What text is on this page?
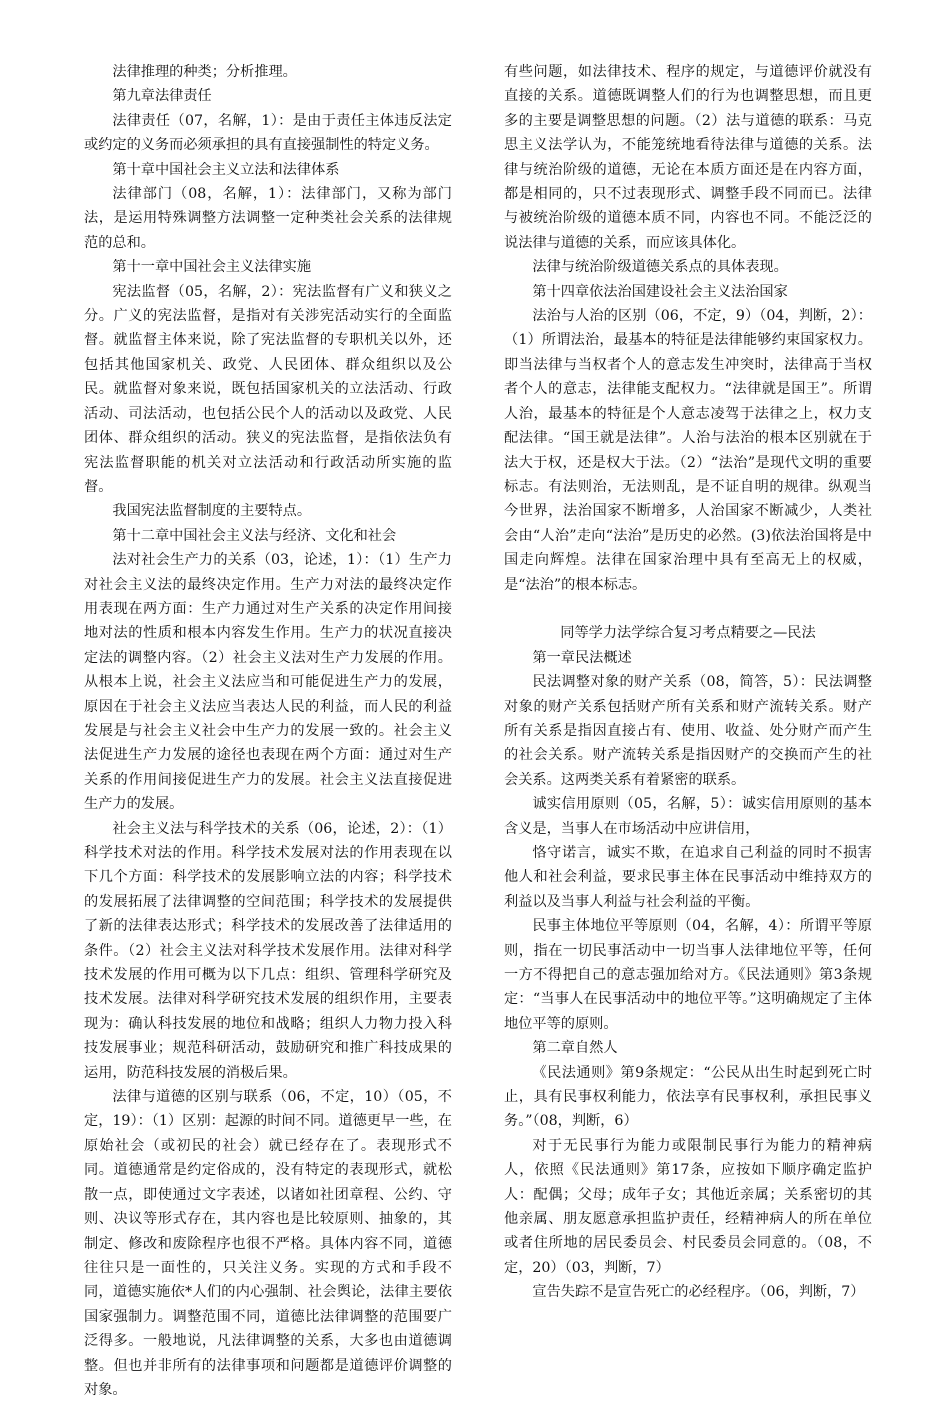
法律推理的种类；分析推理。

第九章法律责任

法律责任（07，名解，1）：是由于责任主体违反法定或约定的义务而必须承担的具有直接强制性的特定义务。

第十章中国社会主义立法和法律体系

法律部门（08，名解，1）：法律部门，又称为部门法，是运用特殊调整方法调整一定种类社会关系的法律规范的总和。

第十一章中国社会主义法律实施

宪法监督（05，名解，2）：宪法监督有广义和狭义之分。广义的宪法监督，是指对有关涉宪活动实行的全面监督。就监督主体来说，除了宪法监督的专职机关以外，还包括其他国家机关、政党、人民团体、群众组织以及公民。就监督对象来说，既包括国家机关的立法活动、行政活动、司法活动，也包括公民个人的活动以及政党、人民团体、群众组织的活动。狭义的宪法监督，是指依法负有宪法监督职能的机关对立法活动和行政活动所实施的监督。

我国宪法监督制度的主要特点。

第十二章中国社会主义法与经济、文化和社会

法对社会生产力的关系（03，论述，1）：（1）生产力对社会主义法的最终决定作用。生产力对法的最终决定作用表现在两方面：生产力通过对生产关系的决定作用间接地对法的性质和根本内容发生作用。生产力的状况直接决定法的调整内容。（2）社会主义法对生产力发展的作用。从根本上说，社会主义法应当和可能促进生产力的发展，原因在于社会主义法应当表达人民的利益，而人民的利益发展是与社会主义社会中生产力的发展一致的。社会主义法促进生产力发展的途径也表现在两个方面：通过对生产关系的作用间接促进生产力的发展。社会主义法直接促进生产力的发展。

社会主义法与科学技术的关系（06，论述，2）：（1）科学技术对法的作用。科学技术发展对法的作用表现在以下几个方面：科学技术的发展影响立法的内容；科学技术的发展拓展了法律调整的空间范围；科学技术的发展提供了新的法律表达形式；科学技术的发展改善了法律适用的条件。（2）社会主义法对科学技术发展作用。法律对科学技术发展的作用可概为以下几点：组织、管理科学研究及技术发展。法律对科学研究技术发展的组织作用，主要表现为：确认科技发展的地位和战略；组织人力物力投入科技发展事业；规范科研活动，鼓励研究和推广科技成果的运用，防范科技发展的消极后果。

法律与道德的区别与联系（06，不定，10）（05，不定，19）：（1）区别：起源的时间不同。道德更早一些，在原始社会（或初民的社会）就已经存在了。表现形式不同。道德通常是约定俗成的，没有特定的表现形式，就松散一点，即使通过文字表述，以诸如社团章程、公约、守则、决议等形式存在，其内容也是比较原则、抽象的，其制定、修改和废除程序也很不严格。具体内容不同，道德往往只是一面性的，只关注义务。实现的方式和手段不同，道德实施依*人们的内心强制、社会舆论，法律主要依国家强制力。调整范围不同，道德比法律调整的范围要广泛得多。一般地说，凡法律调整的关系，大多也由道德调整。但也并非所有的法律事项和问题都是道德评价调整的对象。

有些问题，如法律技术、程序的规定，与道德评价就没有直接的关系。道德既调整人们的行为也调整思想，而且更多的主要是调整思想的问题。（2）法与道德的联系：马克思主义法学认为，不能笼统地看待法律与道德的关系。法律与统治阶级的道德，无论在本质方面还是在内容方面，都是相同的，只不过表现形式、调整手段不同而已。法律与被统治阶级的道德本质不同，内容也不同。不能泛泛的说法律与道德的关系，而应该具体化。

法律与统治阶级道德关系点的具体表现。

第十四章依法治国建设社会主义法治国家

法治与人治的区别（06，不定，9）（04，判断，2）：（1）所谓法治，最基本的特征是法律能够约束国家权力。即当法律与当权者个人的意志发生冲突时，法律高于当权者个人的意志，法律能支配权力。“法律就是国王”。所谓人治，最基本的特征是个人意志凌驾于法律之上，权力支配法律。“国王就是法律”。人治与法治的根本区别就在于法大于权，还是权大于法。（2）“法治”是现代文明的重要标志。有法则治，无法则乱，是不证自明的规律。纵观当今世界，法治国家不断增多，人治国家不断减少，人类社会由“人治”走向“法治”是历史的必然。(3)依法治国将是中国走向辉煌。法律在国家治理中具有至高无上的权威，是“法治”的根本标志。

同等学力法学综合复习考点精要之—民法

第一章民法概述

民法调整对象的财产关系（08，简答，5）：民法调整对象的财产关系包括财产所有关系和财产流转关系。财产所有关系是指因直接占有、使用、收益、处分财产而产生的社会关系。财产流转关系是指因财产的交换而产生的社会关系。这两类关系有着紧密的联系。

诚实信用原则（05，名解，5）：诚实信用原则的基本含义是，当事人在市场活动中应讲信用，

恪守诺言，诚实不欺，在追求自己利益的同时不损害他人和社会利益，要求民事主体在民事活动中维持双方的利益以及当事人利益与社会利益的平衡。

民事主体地位平等原则（04，名解，4）：所谓平等原则，指在一切民事活动中一切当事人法律地位平等，任何一方不得把自己的意志强加给对方。《民法通则》第3条规定：“当事人在民事活动中的地位平等。”这明确规定了主体地位平等的原则。

第二章自然人

《民法通则》第9条规定：“公民从出生时起到死亡时止，具有民事权利能力，依法享有民事权利，承担民事义务。”（08，判断，6）

对于无民事行为能力或限制民事行为能力的精神病人，依照《民法通则》第17条，应按如下顺序确定监护人：配偶；父母；成年子女；其他近亲属；关系密切的其他亲属、朋友愿意承担监护责任，经精神病人的所在单位或者住所地的居民委员会、村民委员会同意的。（08，不定，20）（03，判断，7）

宣告失踪不是宣告死亡的必经程序。（06，判断，7）
